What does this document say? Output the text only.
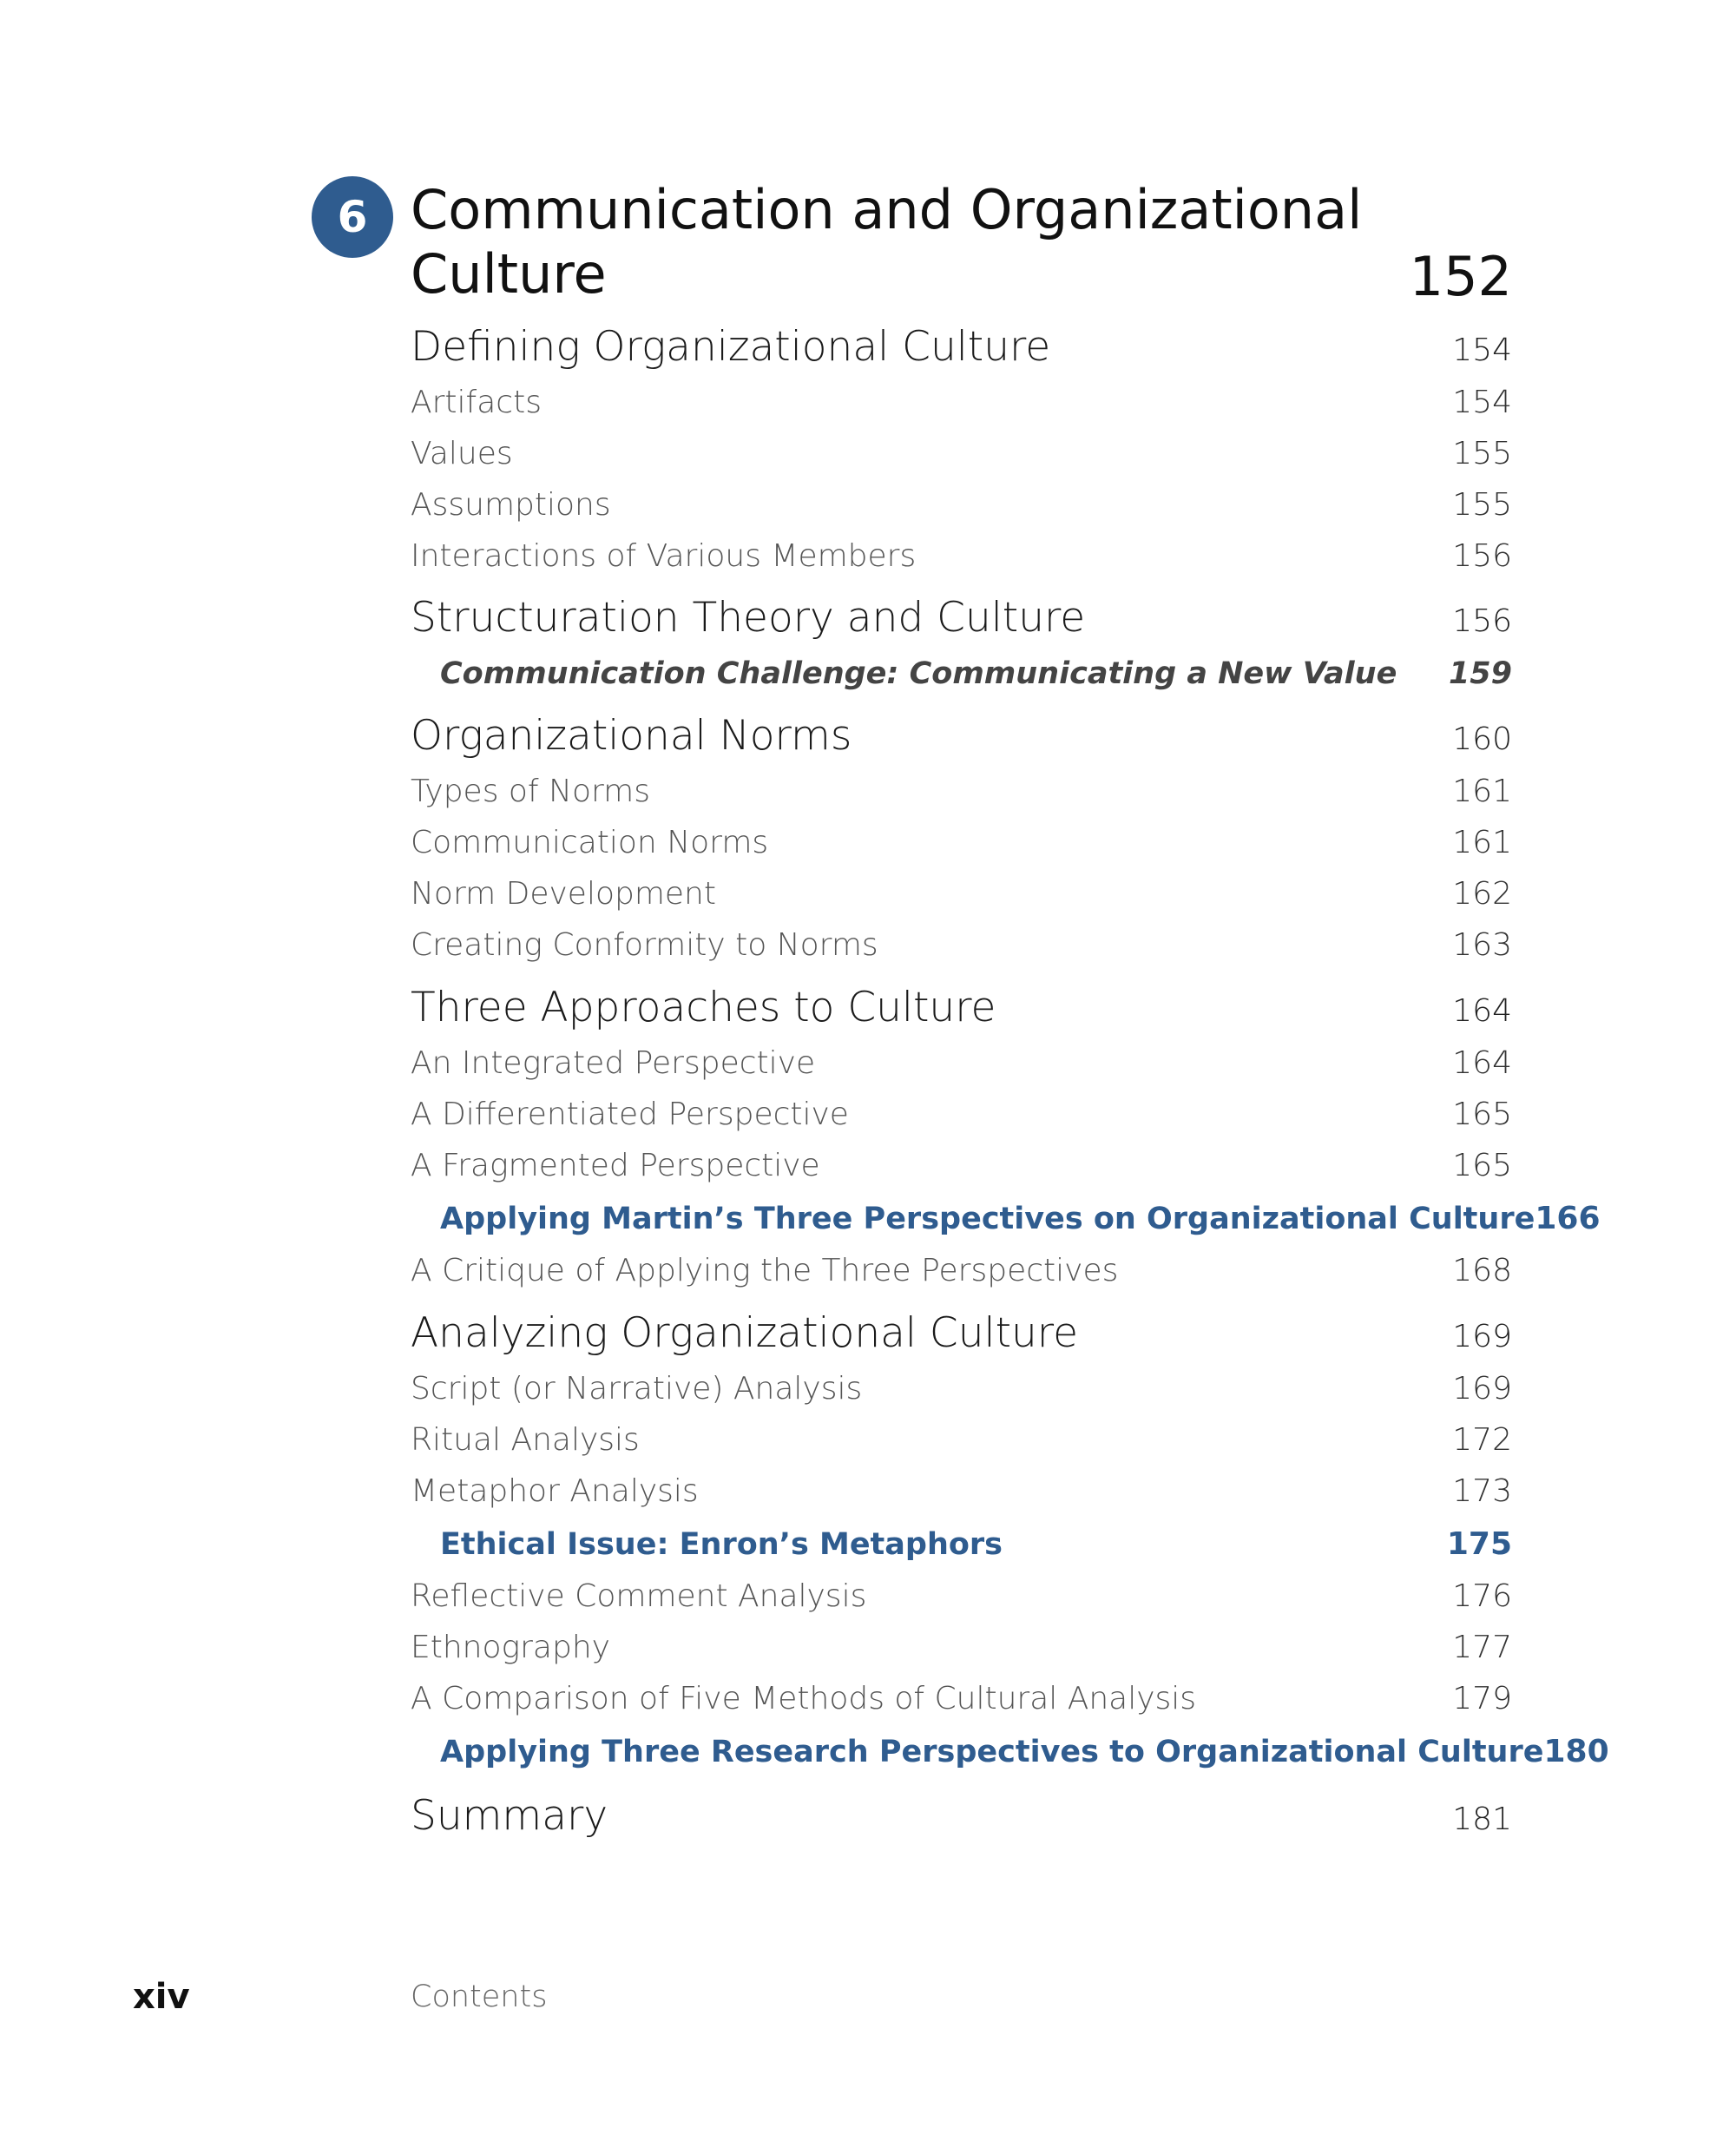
6 Communication and Organizational
Culture	152
Defining Organizational Culture	154
Artifacts	154
Values	155
Assumptions	155
Interactions of Various Members	156
Structuration Theory and Culture	156
Communication Challenge: Communicating a New Value 159
Organizational Norms	160
Types of Norms	161
Communication Norms	161
Norm Development	162
Creating Conformity to Norms	163
Three Approaches to Culture	164
An Integrated Perspective	164
A Differentiated Perspective	165
A Fragmented Perspective	165
Applying Martin’s Three Perspectives on Organizational Culture 166
A Critique of Applying the Three Perspectives	168
Analyzing Organizational Culture	169
Script (or Narrative) Analysis	169
Ritual Analysis	172
Metaphor Analysis	173
Ethical Issue: Enron’s Metaphors	175
Reflective Comment Analysis	176
Ethnography	177
A Comparison of Five Methods of Cultural Analysis	179
Applying Three Research Perspectives to Organizational Culture 180
Summary	181
xiv	Contents
